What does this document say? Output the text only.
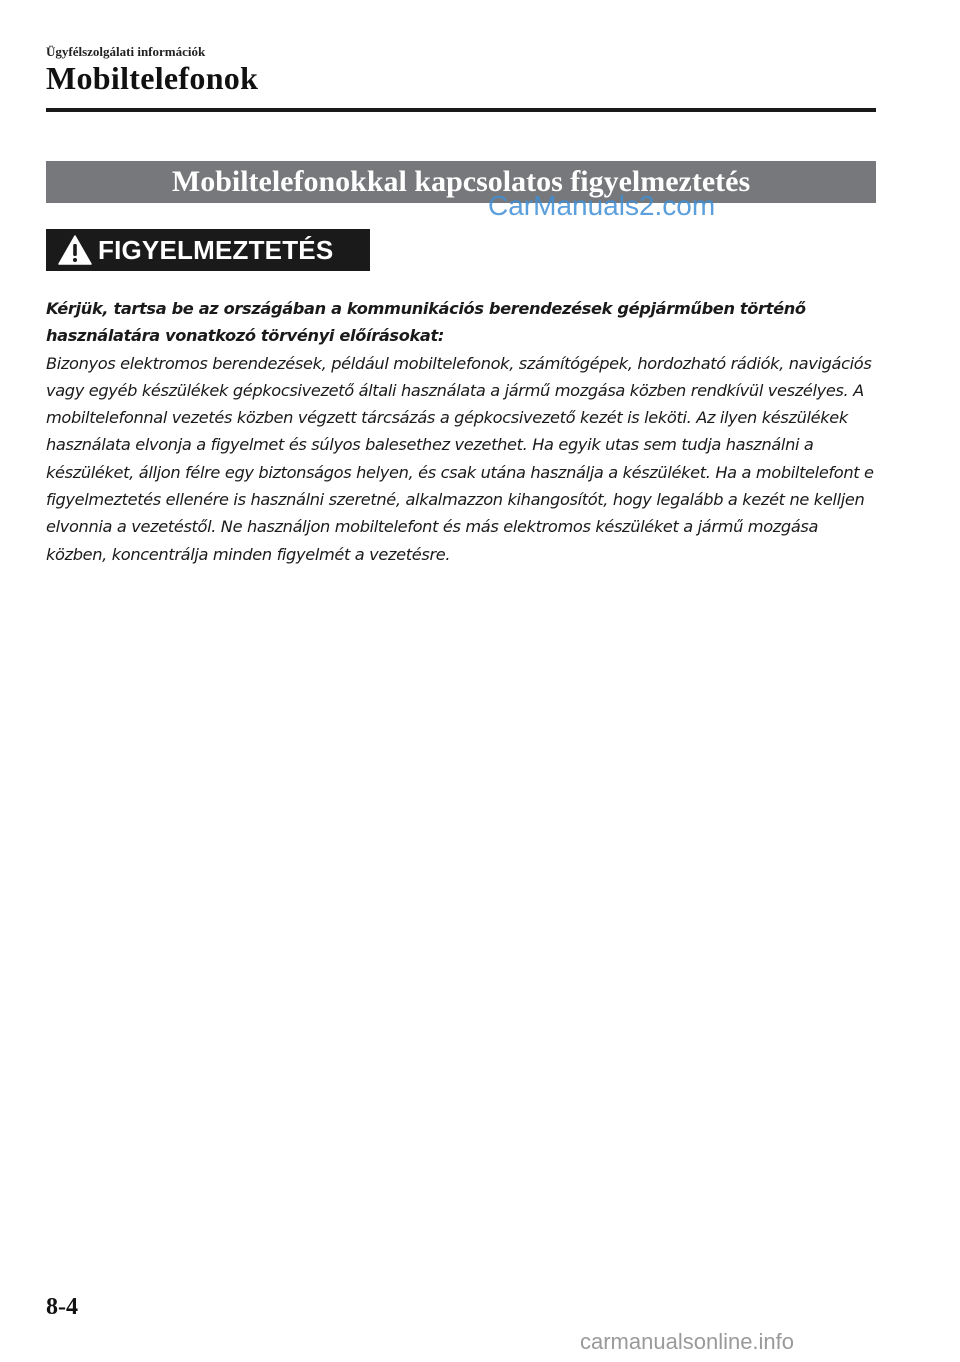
Ügyfélszolgálati információk
Mobiltelefonok
Mobiltelefonokkal kapcsolatos figyelmeztetés
CarManuals2.com
FIGYELMEZTETÉS
Kérjük, tartsa be az országában a kommunikációs berendezések gépjárműben történő használatára vonatkozó törvényi előírásokat:
Bizonyos elektromos berendezések, például mobiltelefonok, számítógépek, hordozható rádiók, navigációs vagy egyéb készülékek gépkocsivezető általi használata a jármű mozgása közben rendkívül veszélyes. A mobiltelefonnal vezetés közben végzett tárcsázás a gépkocsivezető kezét is leköti. Az ilyen készülékek használata elvonja a figyelmet és súlyos balesethez vezethet. Ha egyik utas sem tudja használni a készüléket, álljon félre egy biztonságos helyen, és csak utána használja a készüléket. Ha a mobiltelefont e figyelmeztetés ellenére is használni szeretné, alkalmazzon kihangosítót, hogy legalább a kezét ne kelljen elvonnia a vezetéstől. Ne használjon mobiltelefont és más elektromos készüléket a jármű mozgása közben, koncentrálja minden figyelmét a vezetésre.
8-4
carmanualsonline.info
